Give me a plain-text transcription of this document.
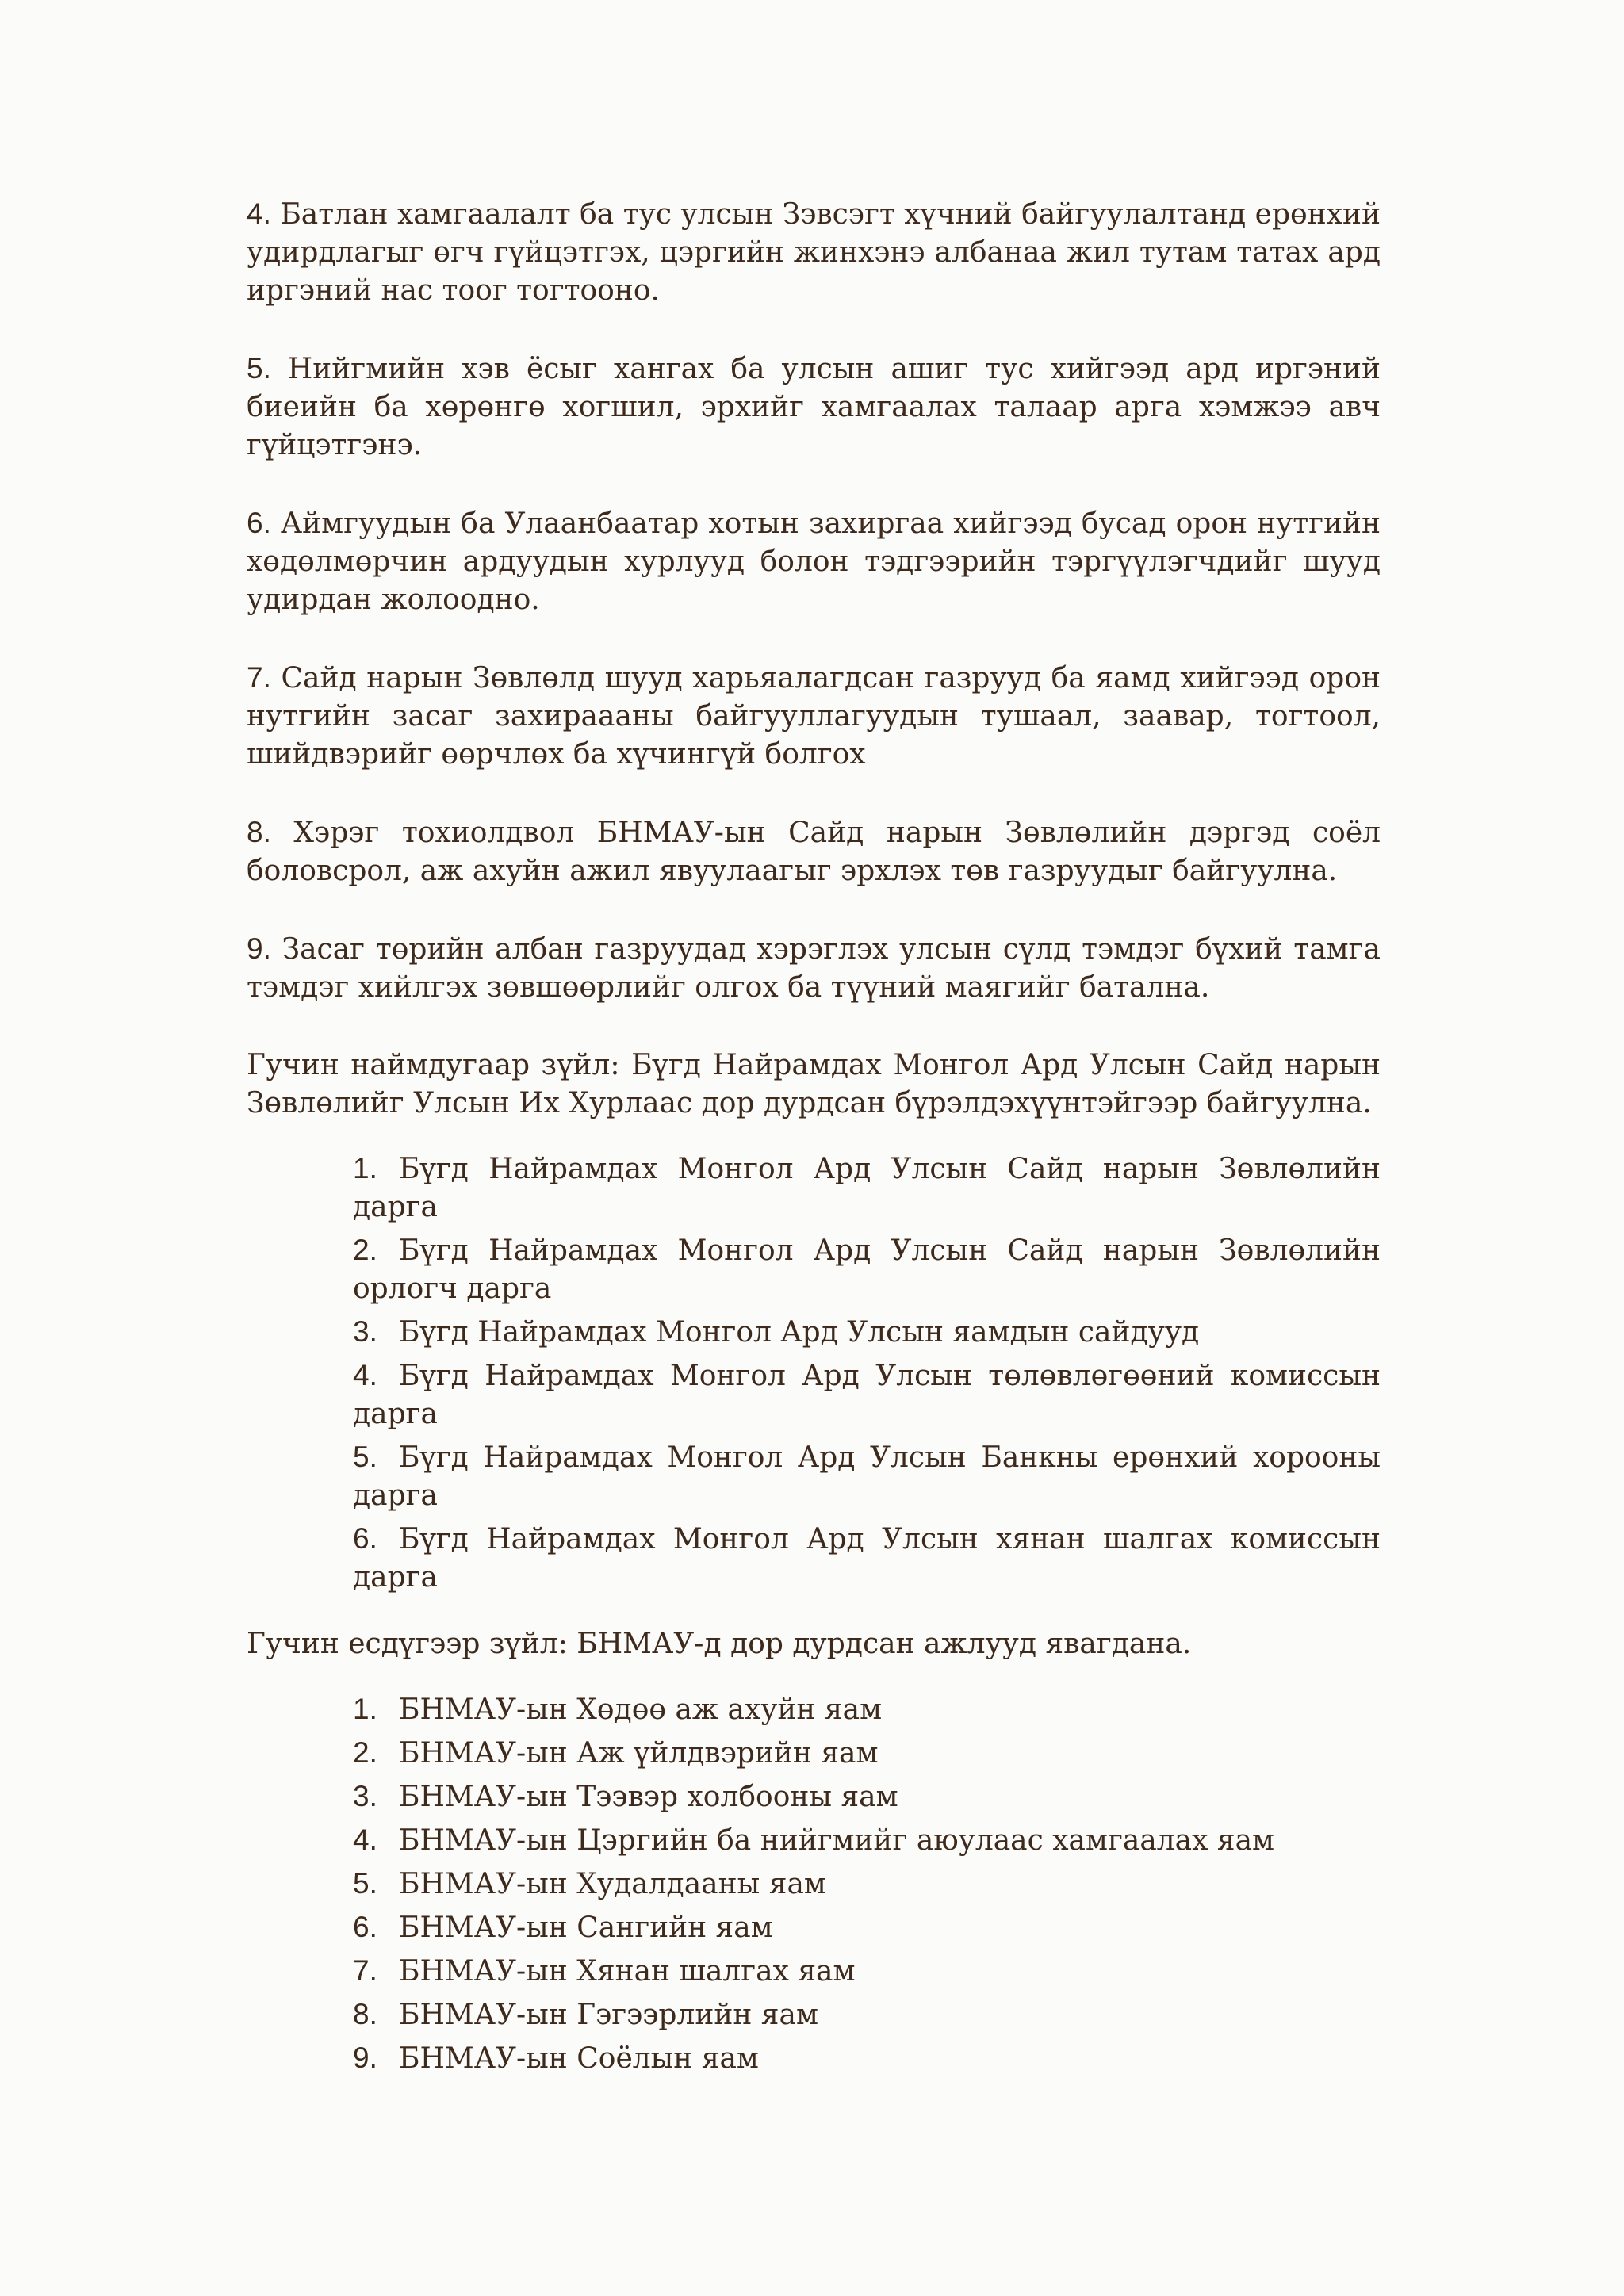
4. Батлан хамгаалалт ба тус улсын Зэвсэгт хүчний байгуулалтанд ерөнхий удирдлагыг өгч гүйцэтгэх, цэргийн жинхэнэ албанаа жил тутам татах ард иргэний нас тоог тогтооно.

5. Нийгмийн хэв ёсыг хангах ба улсын ашиг тус хийгээд ард иргэний биеийн ба хөрөнгө хогшил, эрхийг хамгаалах талаар арга хэмжээ авч гүйцэтгэнэ.

6. Аймгуудын ба Улаанбаатар хотын захиргаа хийгээд бусад орон нутгийн хөдөлмөрчин ардуудын хурлууд болон тэдгээрийн тэргүүлэгчдийг шууд удирдан жолоодно.

7. Сайд нарын Зөвлөлд шууд харьяалагдсан газрууд ба яамд хийгээд орон нутгийн засаг захираааны байгууллагуудын тушаал, заавар, тогтоол, шийдвэрийг өөрчлөх ба хүчингүй болгох

8. Хэрэг тохиолдвол БНМАУ-ын Сайд нарын Зөвлөлийн дэргэд соёл боловсрол, аж ахуйн ажил явуулаагыг эрхлэх төв газруудыг байгуулна.

9. Засаг төрийн албан газруудад хэрэглэх улсын сүлд тэмдэг бүхий тамга тэмдэг хийлгэх зөвшөөрлийг олгох ба түүний маягийг батална.

Гучин наймдугаар зүйл: Бүгд Найрамдах Монгол Ард Улсын Сайд нарын Зөвлөлийг Улсын Их Хурлаас дор дурдсан бүрэлдэхүүнтэйгээр байгуулна.

1. Бүгд Найрамдах Монгол Ард Улсын Сайд нарын Зөвлөлийн дарга
2. Бүгд Найрамдах Монгол Ард Улсын Сайд нарын Зөвлөлийн орлогч дарга
3. Бүгд Найрамдах Монгол Ард Улсын яамдын сайдууд
4. Бүгд Найрамдах Монгол Ард Улсын төлөвлөгөөний комиссын дарга
5. Бүгд Найрамдах Монгол Ард Улсын Банкны ерөнхий хорооны дарга
6. Бүгд Найрамдах Монгол Ард Улсын хянан шалгах комиссын дарга

Гучин есдүгээр зүйл: БНМАУ-д дор дурдсан ажлууд явагдана.

1. БНМАУ-ын Хөдөө аж ахуйн яам
2. БНМАУ-ын Аж үйлдвэрийн яам
3. БНМАУ-ын Тээвэр холбооны яам
4. БНМАУ-ын Цэргийн ба нийгмийг аюулаас хамгаалах яам
5. БНМАУ-ын Худалдааны яам
6. БНМАУ-ын Сангийн яам
7. БНМАУ-ын Хянан шалгах яам
8. БНМАУ-ын Гэгээрлийн яам
9. БНМАУ-ын Соёлын яам
